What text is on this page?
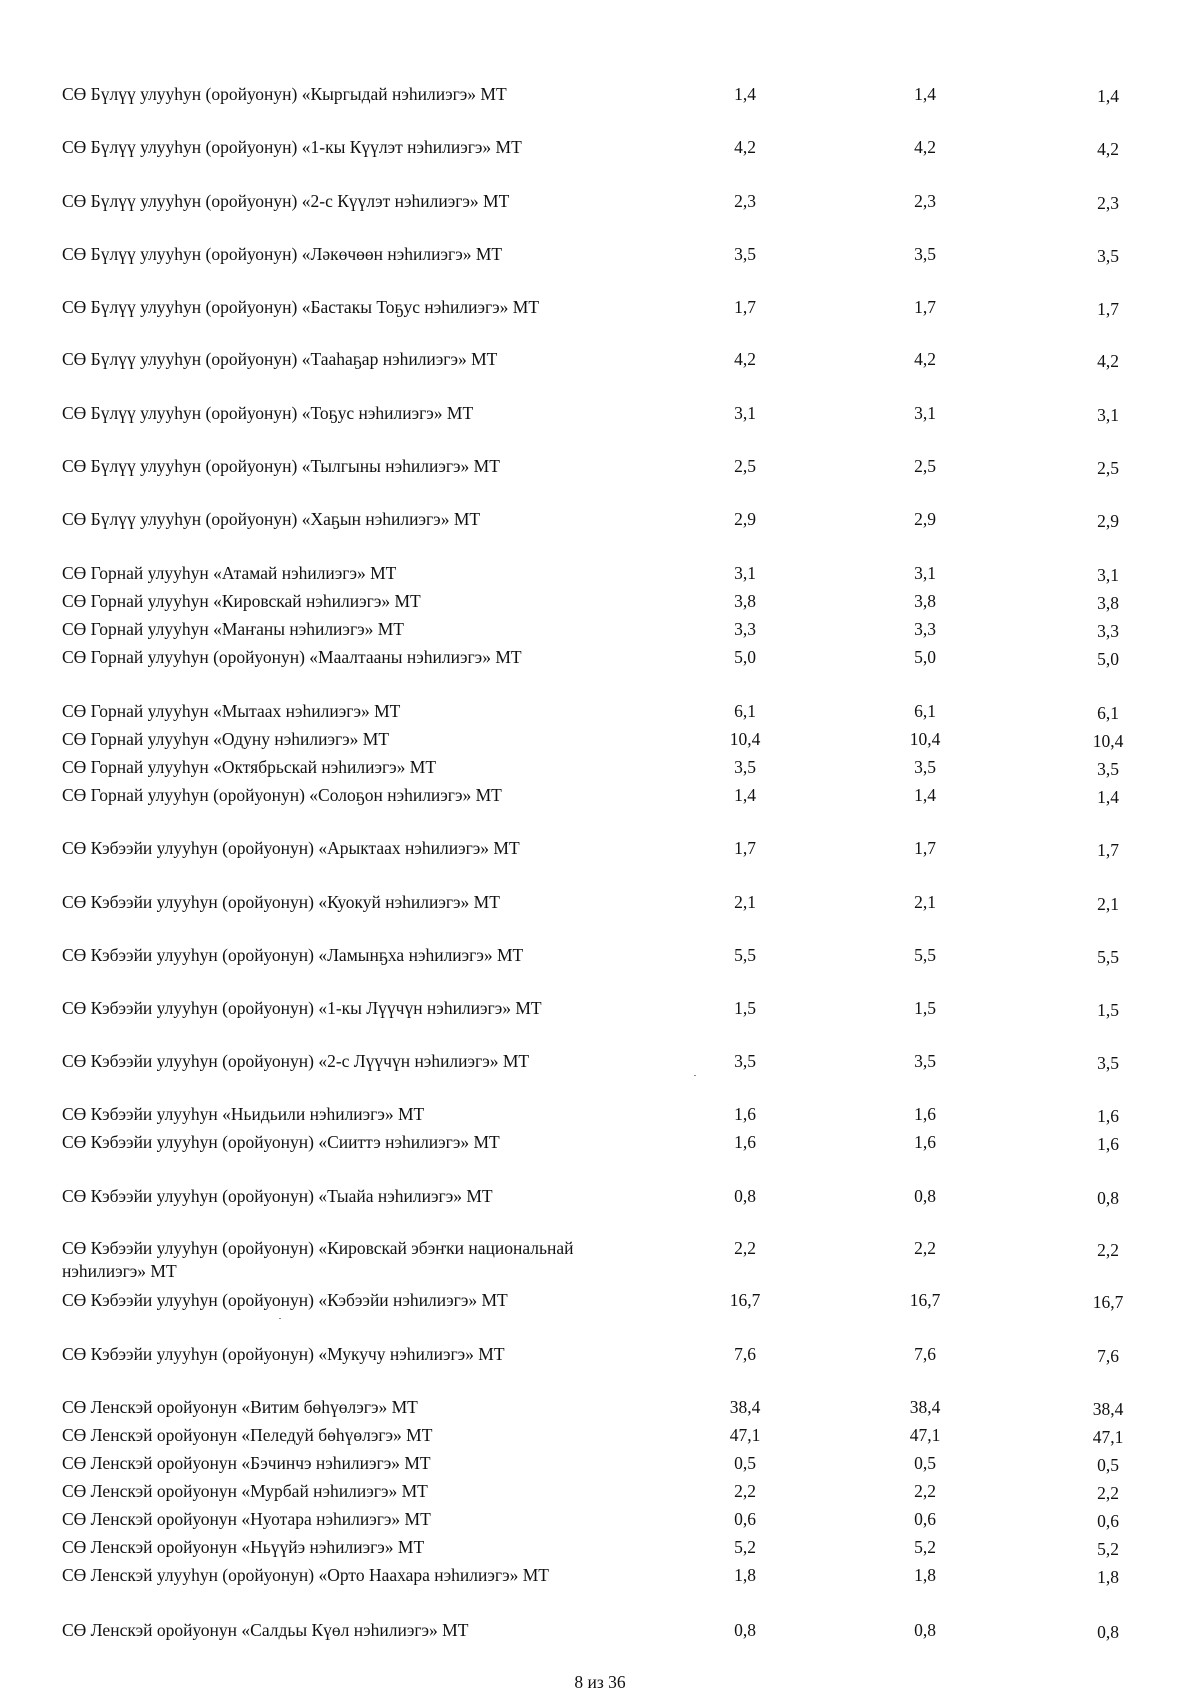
СӨ Бүлүү улууһун (оройуонун) «Кыргыдай нэһилиэгэ» МТ	1,4	1,4	1,4
СӨ Бүлүү улууһун (оройуонун) «1-кы Күүлэт нэһилиэгэ» МТ	4,2	4,2	4,2
СӨ Бүлүү улууһун (оройуонун) «2-с Күүлэт нэһилиэгэ» МТ	2,3	2,3	2,3
СӨ Бүлүү улууһун (оройуонун) «Ләкөчөөн нэһилиэгэ» МТ	3,5	3,5	3,5
СӨ Бүлүү улууһун (оройуонун) «Бастакы Тоҕус нэһилиэгэ» МТ	1,7	1,7	1,7
СӨ Бүлүү улууһун (оройуонун) «Тааһаҕар нэһилиэгэ» МТ	4,2	4,2	4,2
СӨ Бүлүү улууһун (оройуонун) «Тоҕус нэһилиэгэ» МТ	3,1	3,1	3,1
СӨ Бүлүү улууһун (оройуонун) «Тылгыны нэһилиэгэ» МТ	2,5	2,5	2,5
СӨ Бүлүү улууһун (оройуонун) «Хаҕын нэһилиэгэ» МТ	2,9	2,9	2,9
СӨ Горнай улууһун «Атамай нэһилиэгэ» МТ	3,1	3,1	3,1
СӨ Горнай улууһун «Кировскай нэһилиэгэ» МТ	3,8	3,8	3,8
СӨ Горнай улууһун «Маҥаны нэһилиэгэ» МТ	3,3	3,3	3,3
СӨ Горнай улууһун (оройуонун) «Маалтааны нэһилиэгэ» МТ	5,0	5,0	5,0
СӨ Горнай улууһун «Мытаах нэһилиэгэ» МТ	6,1	6,1	6,1
СӨ Горнай улууһун «Одуну нэһилиэгэ» МТ	10,4	10,4	10,4
СӨ Горнай улууһун «Октябрьскай нэһилиэгэ» МТ	3,5	3,5	3,5
СӨ Горнай улууһун (оройуонун) «Солоҕон нэһилиэгэ» МТ	1,4	1,4	1,4
СӨ Кэбээйи улууһун (оройуонун) «Арыктаах нэһилиэгэ» МТ	1,7	1,7	1,7
СӨ Кэбээйи улууһун (оройуонун) «Куокуй нэһилиэгэ» МТ	2,1	2,1	2,1
СӨ Кэбээйи улууһун (оройуонун) «Ламынҕха нэһилиэгэ» МТ	5,5	5,5	5,5
СӨ Кэбээйи улууһун (оройуонун) «1-кы Лүүчүн нэһилиэгэ» МТ	1,5	1,5	1,5
СӨ Кэбээйи улууһун (оройуонун) «2-с Лүүчүн нэһилиэгэ» МТ	3,5	3,5	3,5
СӨ Кэбээйи улууһун «Ньидьили нэһилиэгэ» МТ	1,6	1,6	1,6
СӨ Кэбээйи улууһун (оройуонун) «Сииттэ нэһилиэгэ» МТ	1,6	1,6	1,6
СӨ Кэбээйи улууһун (оройуонун) «Тыайа нэһилиэгэ» МТ	0,8	0,8	0,8
СӨ Кэбээйи улууһун (оройуонун) «Кировскай эбэҥки национальнай нэһилиэгэ» МТ
2,2	2,2	2,2
СӨ Кэбээйи улууһун (оройуонун) «Кэбээйи нэһилиэгэ» МТ	16,7	16,7	16,7
СӨ Кэбээйи улууһун (оройуонун) «Мукучу нэһилиэгэ» МТ	7,6	7,6	7,6
СӨ Ленскэй оройуонун «Витим бөһүөлэгэ» МТ	38,4	38,4	38,4
СӨ Ленскэй оройуонун «Пеледуй бөһүөлэгэ» МТ	47,1	47,1	47,1
СӨ Ленскэй оройуонун «Бэчинчэ нэһилиэгэ» МТ	0,5	0,5	0,5
СӨ Ленскэй оройуонун «Мурбай нэһилиэгэ» МТ	2,2	2,2	2,2
СӨ Ленскэй оройуонун «Нуотара нэһилиэгэ» МТ	0,6	0,6	0,6
СӨ Ленскэй оройуонун «Ньүүйэ нэһилиэгэ» МТ	5,2	5,2	5,2
СӨ Ленскэй улууһун (оройуонун) «Орто Наахара нэһилиэгэ» МТ	1,8	1,8	1,8
СӨ Ленскэй оройуонун «Салдьы Күөл нэһилиэгэ» МТ	0,8	0,8	0,8
8 из 36
